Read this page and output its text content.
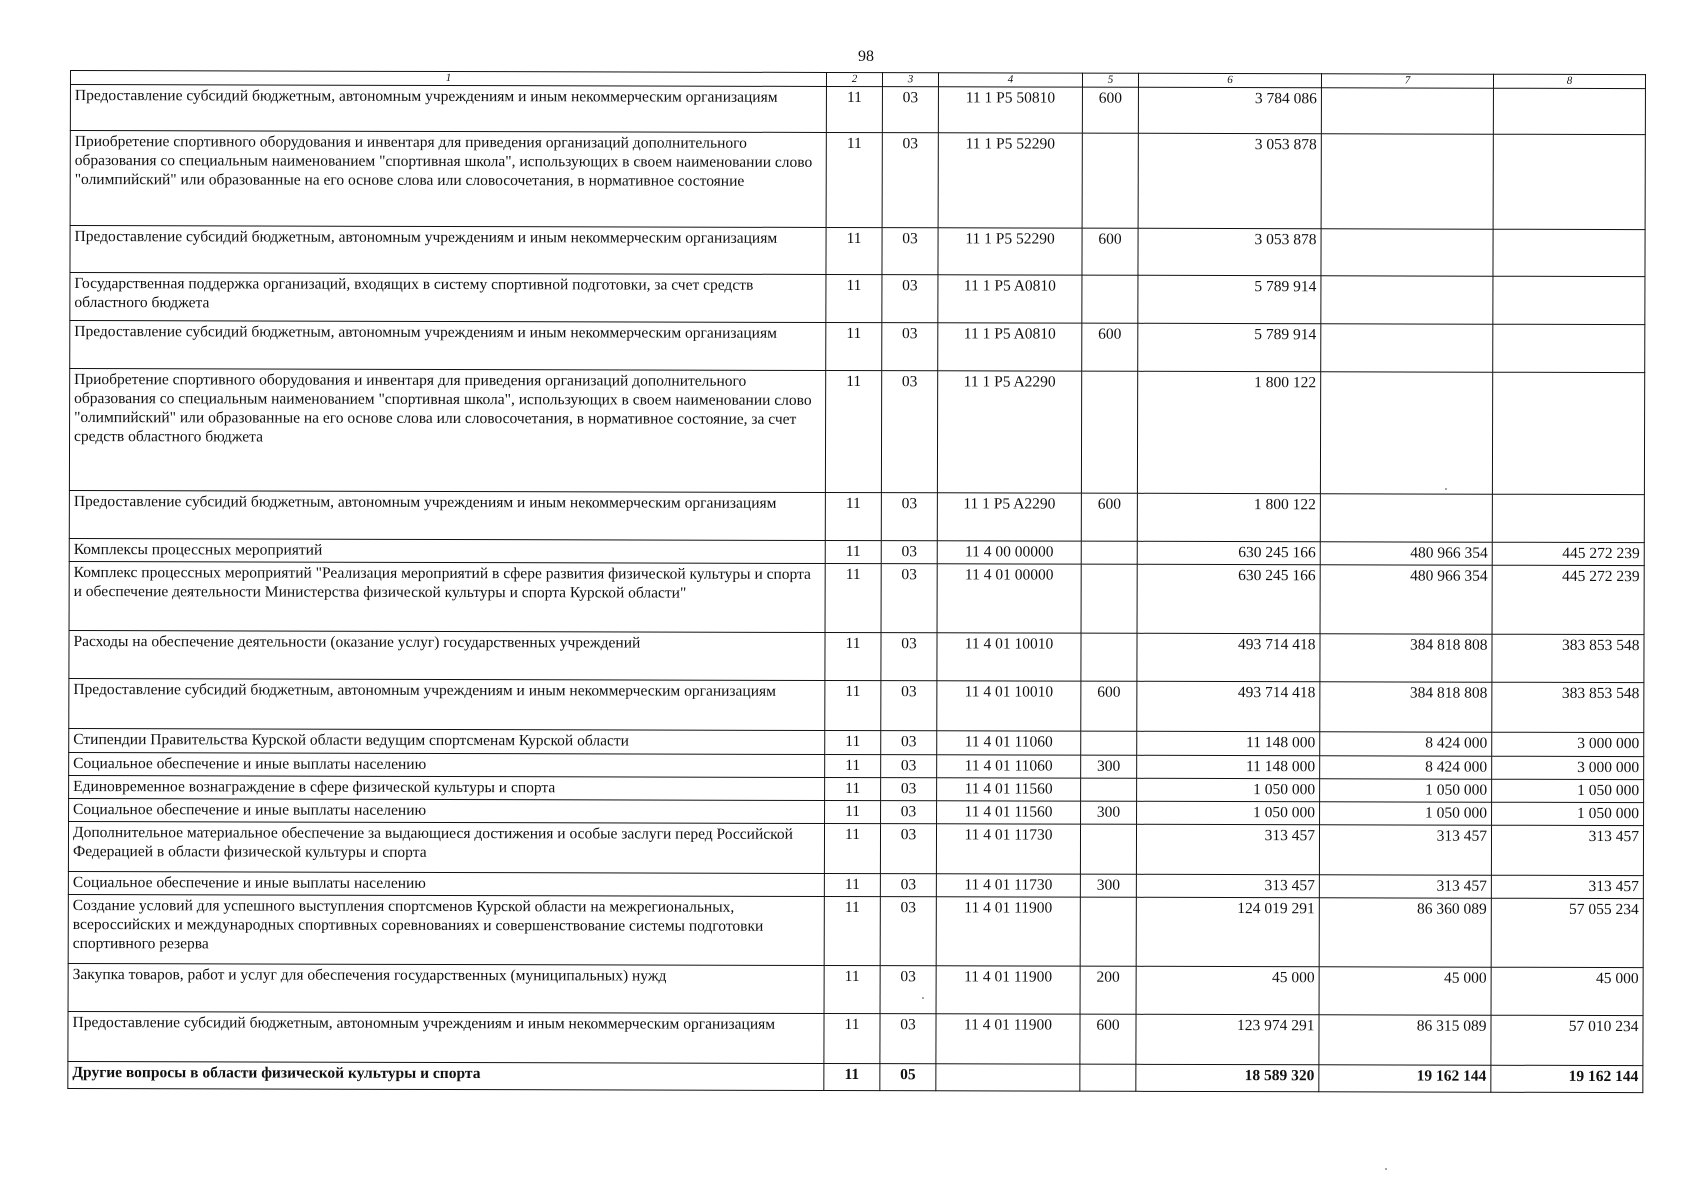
98
1	2	3	4	5	6	7	8
Предоставление субсидий бюджетным, автономным учреждениям и иным некоммерческим организациям	11	03	11 1 P5 50810	600	3 784 086		
Приобретение спортивного оборудования и инвентаря для приведения организаций дополнительного образования со специальным наименованием "спортивная школа", использующих в своем наименовании слово "олимпийский" или образованные на его основе слова или словосочетания, в нормативное состояние	11	03	11 1 P5 52290		3 053 878		
Предоставление субсидий бюджетным, автономным учреждениям и иным некоммерческим организациям	11	03	11 1 P5 52290	600	3 053 878		
Государственная поддержка организаций, входящих в систему спортивной подготовки, за счет средств областного бюджета	11	03	11 1 P5 A0810		5 789 914		
Предоставление субсидий бюджетным, автономным учреждениям и иным некоммерческим организациям	11	03	11 1 P5 A0810	600	5 789 914		
Приобретение спортивного оборудования и инвентаря для приведения организаций дополнительного образования со специальным наименованием "спортивная школа", использующих в своем наименовании слово "олимпийский" или образованные на его основе слова или словосочетания, в нормативное состояние, за счет средств областного бюджета	11	03	11 1 P5 A2290		1 800 122		
Предоставление субсидий бюджетным, автономным учреждениям и иным некоммерческим организациям	11	03	11 1 P5 A2290	600	1 800 122		
Комплексы процессных мероприятий	11	03	11 4 00 00000		630 245 166	480 966 354	445 272 239
Комплекс процессных мероприятий "Реализация мероприятий в сфере развития физической культуры и спорта и обеспечение деятельности Министерства физической культуры и спорта Курской области"	11	03	11 4 01 00000		630 245 166	480 966 354	445 272 239
Расходы на обеспечение деятельности (оказание услуг) государственных учреждений	11	03	11 4 01 10010		493 714 418	384 818 808	383 853 548
Предоставление субсидий бюджетным, автономным учреждениям и иным некоммерческим организациям	11	03	11 4 01 10010	600	493 714 418	384 818 808	383 853 548
Стипендии Правительства Курской области ведущим спортсменам Курской области	11	03	11 4 01 11060		11 148 000	8 424 000	3 000 000
Социальное обеспечение и иные выплаты населению	11	03	11 4 01 11060	300	11 148 000	8 424 000	3 000 000
Единовременное вознаграждение в сфере физической культуры и спорта	11	03	11 4 01 11560		1 050 000	1 050 000	1 050 000
Социальное обеспечение и иные выплаты населению	11	03	11 4 01 11560	300	1 050 000	1 050 000	1 050 000
Дополнительное материальное обеспечение за выдающиеся достижения и особые заслуги перед Российской Федерацией в области физической культуры и спорта	11	03	11 4 01 11730		313 457	313 457	313 457
Социальное обеспечение и иные выплаты населению	11	03	11 4 01 11730	300	313 457	313 457	313 457
Создание условий для успешного выступления спортсменов Курской области на межрегиональных, всероссийских и международных спортивных соревнованиях и совершенствование системы подготовки спортивного резерва	11	03	11 4 01 11900		124 019 291	86 360 089	57 055 234
Закупка товаров, работ и услуг для обеспечения государственных (муниципальных) нужд	11	03	11 4 01 11900	200	45 000	45 000	45 000
Предоставление субсидий бюджетным, автономным учреждениям и иным некоммерческим организациям	11	03	11 4 01 11900	600	123 974 291	86 315 089	57 010 234
Другие вопросы в области физической культуры и спорта	11	05			18 589 320	19 162 144	19 162 144
